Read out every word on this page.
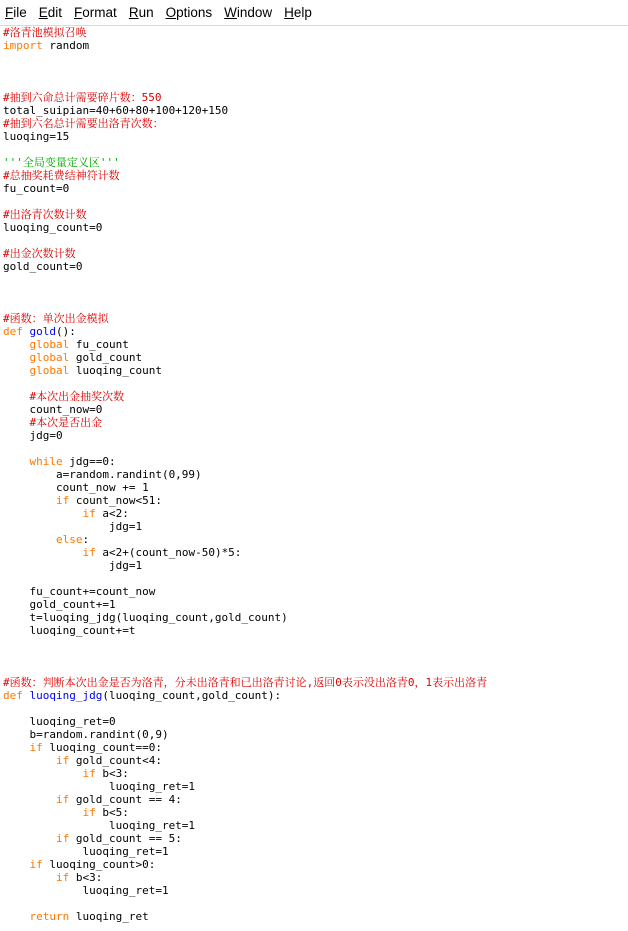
File Edit Format Run Options Window Help
#洛青池模拟召唤
import random
#抽到六命总计需要碎片数：550
total_suipian=40+60+80+100+120+150
#抽到六名总计需要出洛青次数：
luoqing=15
'''全局变量定义区'''
#总抽奖耗费结神符计数
fu_count=0
#出洛青次数计数
luoqing_count=0
#出金次数计数
gold_count=0
#函数：单次出金模拟
def gold():
global fu_count
global gold_count
global luoqing_count
#本次出金抽奖次数
count_now=0
#本次是否出金
jdg=0
while jdg==0:
a=random.randint(0,99)
count_now += 1
if count_now<51:
if a<2:
jdg=1
else:
if a<2+(count_now-50)*5:
jdg=1
fu_count+=count_now
gold_count+=1
t=luoqing_jdg(luoqing_count,gold_count)
luoqing_count+=t
#函数：判断本次出金是否为洛青，分未出洛青和已出洛青讨论,返回0表示没出洛青0，1表示出洛青
def luoqing_jdg(luoqing_count,gold_count):
luoqing_ret=0
b=random.randint(0,9)
if luoqing_count==0:
if gold_count<4:
if b<3:
luoqing_ret=1
if gold_count == 4:
if b<5:
luoqing_ret=1
if gold_count == 5:
luoqing_ret=1
if luoqing_count>0:
if b<3:
luoqing_ret=1
return luoqing_ret
